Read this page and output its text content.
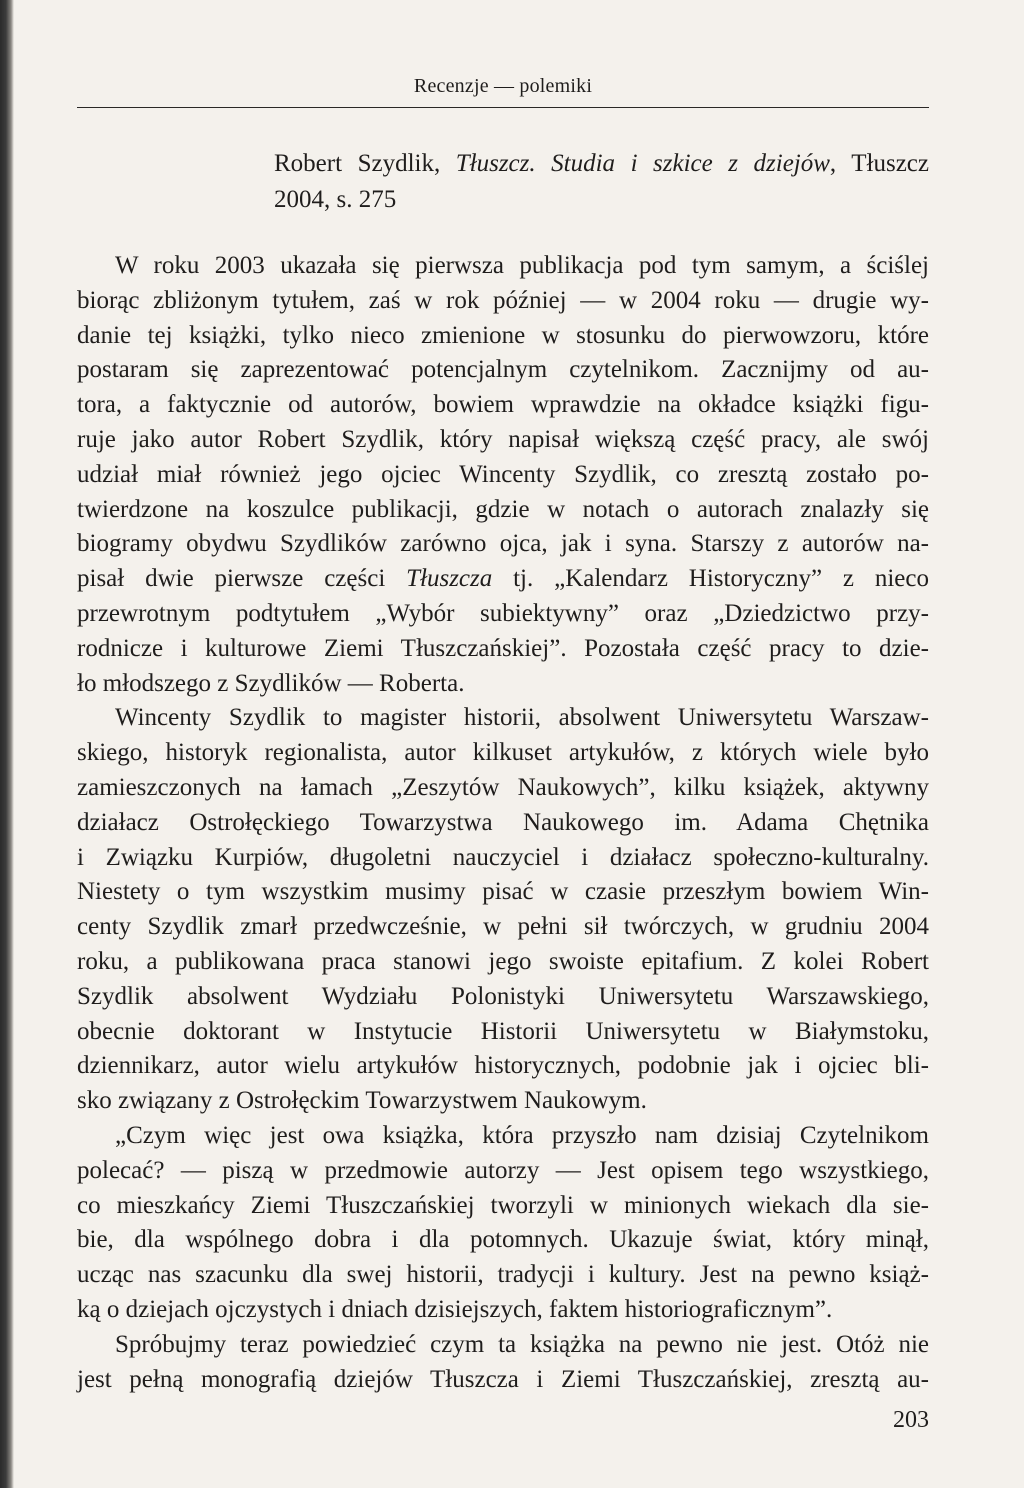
Recenzje — polemiki
Robert Szydlik, Tłuszcz. Studia i szkice z dziejów, Tłuszcz
2004, s. 275
W roku 2003 ukazała się pierwsza publikacja pod tym samym, a ściślej
biorąc zbliżonym tytułem, zaś w rok później — w 2004 roku — drugie wy-
danie tej książki, tylko nieco zmienione w stosunku do pierwowzoru, które
postaram się zaprezentować potencjalnym czytelnikom. Zacznijmy od au-
tora, a faktycznie od autorów, bowiem wprawdzie na okładce książki figu-
ruje jako autor Robert Szydlik, który napisał większą część pracy, ale swój
udział miał również jego ojciec Wincenty Szydlik, co zresztą zostało po-
twierdzone na koszulce publikacji, gdzie w notach o autorach znalazły się
biogramy obydwu Szydlików zarówno ojca, jak i syna. Starszy z autorów na-
pisał dwie pierwsze części Tłuszcza tj. „Kalendarz Historyczny” z nieco
przewrotnym podtytułem „Wybór subiektywny” oraz „Dziedzictwo przy-
rodnicze i kulturowe Ziemi Tłuszczańskiej”. Pozostała część pracy to dzie-
ło młodszego z Szydlików — Roberta.
Wincenty Szydlik to magister historii, absolwent Uniwersytetu Warszaw-
skiego, historyk regionalista, autor kilkuset artykułów, z których wiele było
zamieszczonych na łamach „Zeszytów Naukowych”, kilku książek, aktywny
działacz Ostrołęckiego Towarzystwa Naukowego im. Adama Chętnika
i Związku Kurpiów, długoletni nauczyciel i działacz społeczno-kulturalny.
Niestety o tym wszystkim musimy pisać w czasie przeszłym bowiem Win-
centy Szydlik zmarł przedwcześnie, w pełni sił twórczych, w grudniu 2004
roku, a publikowana praca stanowi jego swoiste epitafium. Z kolei Robert
Szydlik absolwent Wydziału Polonistyki Uniwersytetu Warszawskiego,
obecnie doktorant w Instytucie Historii Uniwersytetu w Białymstoku,
dziennikarz, autor wielu artykułów historycznych, podobnie jak i ojciec bli-
sko związany z Ostrołęckim Towarzystwem Naukowym.
„Czym więc jest owa książka, która przyszło nam dzisiaj Czytelnikom
polecać? — piszą w przedmowie autorzy — Jest opisem tego wszystkiego,
co mieszkańcy Ziemi Tłuszczańskiej tworzyli w minionych wiekach dla sie-
bie, dla wspólnego dobra i dla potomnych. Ukazuje świat, który minął,
ucząc nas szacunku dla swej historii, tradycji i kultury. Jest na pewno książ-
ką o dziejach ojczystych i dniach dzisiejszych, faktem historiograficznym”.
Spróbujmy teraz powiedzieć czym ta książka na pewno nie jest. Otóż nie
jest pełną monografią dziejów Tłuszcza i Ziemi Tłuszczańskiej, zresztą au-
203
